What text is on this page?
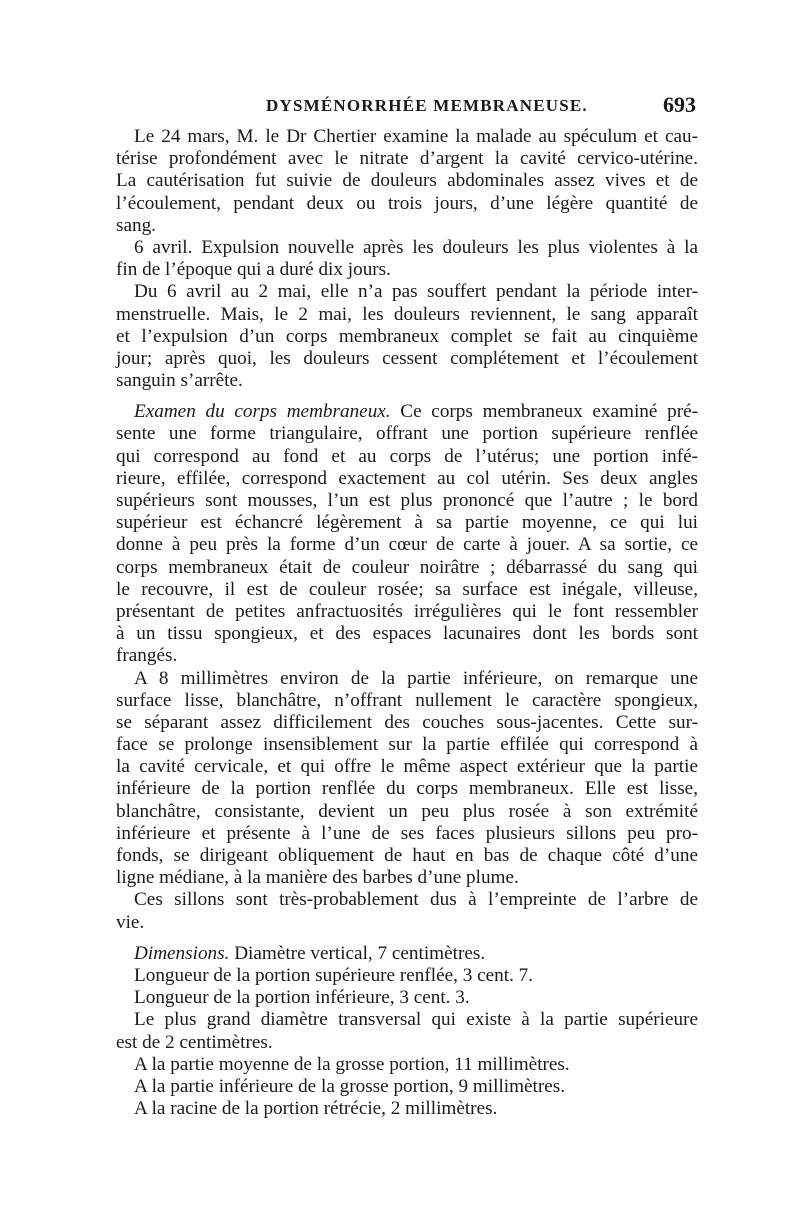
DYSMÉNORRHÉE MEMBRANEUSE.	693
Le 24 mars, M. le Dr Chertier examine la malade au spéculum et cau-
térise profondément avec le nitrate d’argent la cavité cervico-utérine.
La cautérisation fut suivie de douleurs abdominales assez vives et de
l’écoulement, pendant deux ou trois jours, d’une légère quantité de
sang.
6 avril. Expulsion nouvelle après les douleurs les plus violentes à la
fin de l’époque qui a duré dix jours.
Du 6 avril au 2 mai, elle n’a pas souffert pendant la période inter-
menstruelle. Mais, le 2 mai, les douleurs reviennent, le sang apparaît
et l’expulsion d’un corps membraneux complet se fait au cinquième
jour; après quoi, les douleurs cessent complétement et l’écoulement
sanguin s’arrête.
Examen du corps membraneux. Ce corps membraneux examiné pré-
sente une forme triangulaire, offrant une portion supérieure renflée
qui correspond au fond et au corps de l’utérus; une portion infé-
rieure, effilée, correspond exactement au col utérin. Ses deux angles
supérieurs sont mousses, l’un est plus prononcé que l’autre ; le bord
supérieur est échancré légèrement à sa partie moyenne, ce qui lui
donne à peu près la forme d’un cœur de carte à jouer. A sa sortie, ce
corps membraneux était de couleur noirâtre ; débarrassé du sang qui
le recouvre, il est de couleur rosée; sa surface est inégale, villeuse,
présentant de petites anfractuosités irrégulières qui le font ressembler
à un tissu spongieux, et des espaces lacunaires dont les bords sont
frangés.
A 8 millimètres environ de la partie inférieure, on remarque une
surface lisse, blanchâtre, n’offrant nullement le caractère spongieux,
se séparant assez difficilement des couches sous-jacentes. Cette sur-
face se prolonge insensiblement sur la partie effilée qui correspond à
la cavité cervicale, et qui offre le même aspect extérieur que la partie
inférieure de la portion renflée du corps membraneux. Elle est lisse,
blanchâtre, consistante, devient un peu plus rosée à son extrémité
inférieure et présente à l’une de ses faces plusieurs sillons peu pro-
fonds, se dirigeant obliquement de haut en bas de chaque côté d’une
ligne médiane, à la manière des barbes d’une plume.
Ces sillons sont très-probablement dus à l’empreinte de l’arbre de
vie.
Dimensions. Diamètre vertical, 7 centimètres.
Longueur de la portion supérieure renflée, 3 cent. 7.
Longueur de la portion inférieure, 3 cent. 3.
Le plus grand diamètre transversal qui existe à la partie supérieure
est de 2 centimètres.
A la partie moyenne de la grosse portion, 11 millimètres.
A la partie inférieure de la grosse portion, 9 millimètres.
A la racine de la portion rétrécie, 2 millimètres.
